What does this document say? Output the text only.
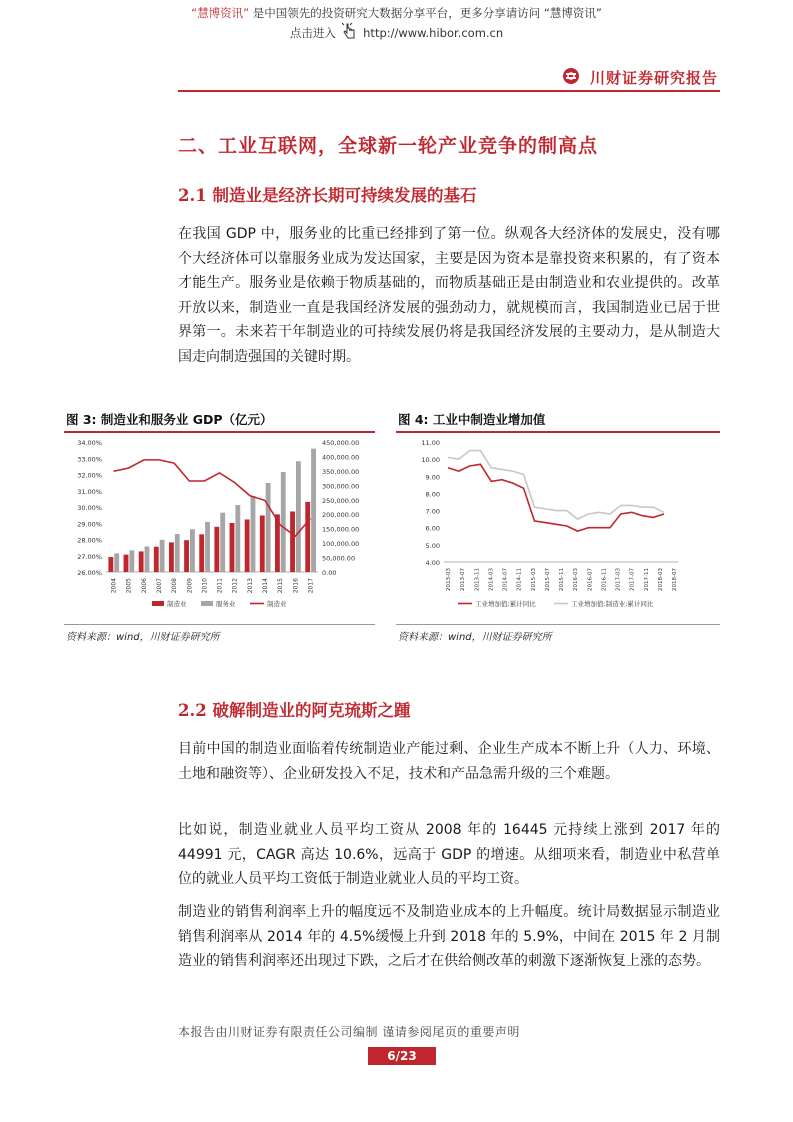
“慧博资讯” 是中国领先的投资研究大数据分享平台，更多分享请访问 “慧博资讯”
点击进入 http://www.hibor.com.cn
川财证券研究报告
二、工业互联网，全球新一轮产业竞争的制高点
2.1 制造业是经济长期可持续发展的基石
在我国 GDP 中，服务业的比重已经排到了第一位。纵观各大经济体的发展史，没有哪个大经济体可以靠服务业成为发达国家，主要是因为资本是靠投资来积累的，有了资本才能生产。服务业是依赖于物质基础的，而物质基础正是由制造业和农业提供的。改革开放以来，制造业一直是我国经济发展的强劲动力，就规模而言，我国制造业已居于世界第一。未来若干年制造业的可持续发展仍将是我国经济发展的主要动力，是从制造大国走向制造强国的关键时期。
图 3: 制造业和服务业 GDP（亿元）
34.00%
33.00%
32.00%
31.00%
30.00%
29.00%
28.00%
27.00%
26.00%
450,000.00
400,000.00
350,000.00
300,000.00
250,000.00
200,000.00
150,000.00
100,000.00
50,000.00
0.00
2004 2005 2006 2007 2008 2009 2010 2011 2012 2013 2014 2015 2016 2017
制造业	服务业	制造业
资料来源：wind，川财证券研究所
图 4: 工业中制造业增加值
11.00
10.00
9.00
8.00
7.00
6.00
5.00
4.00
2013-03 2013-07 2013-11 2014-03 2014-07 2014-11 2015-03 2015-07 2015-11 2016-03 2016-07 2016-11 2017-03 2017-07 2017-11 2018-03 2018-07
工业增加值:累计同比	工业增加值:制造业:累计同比
资料来源：wind，川财证券研究所
2.2 破解制造业的阿克琉斯之踵
目前中国的制造业面临着传统制造业产能过剩、企业生产成本不断上升（人力、环境、土地和融资等）、企业研发投入不足，技术和产品急需升级的三个难题。
比如说，制造业就业人员平均工资从 2008 年的 16445 元持续上涨到 2017 年的 44991 元，CAGR 高达 10.6%，远高于 GDP 的增速。从细项来看，制造业中私营单位的就业人员平均工资低于制造业就业人员的平均工资。
制造业的销售利润率上升的幅度远不及制造业成本的上升幅度。统计局数据显示制造业销售利润率从 2014 年的 4.5%缓慢上升到 2018 年的 5.9%，中间在 2015 年 2 月制造业的销售利润率还出现过下跌，之后才在供给侧改革的刺激下逐渐恢复上涨的态势。
本报告由川财证券有限责任公司编制 谨请参阅尾页的重要声明
6/23
